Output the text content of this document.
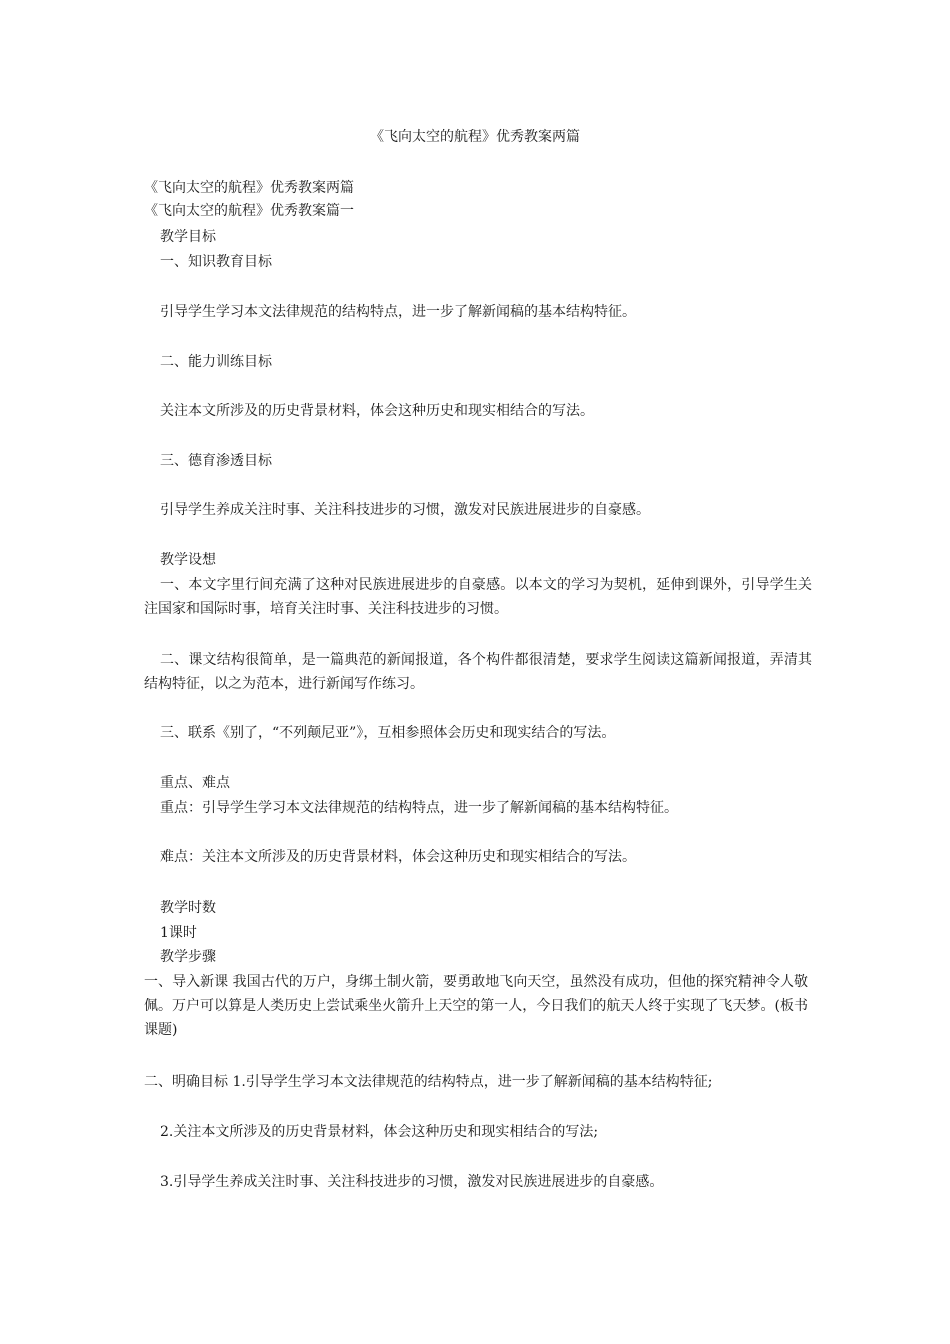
《飞向太空的航程》优秀教案两篇
《飞向太空的航程》优秀教案两篇
《飞向太空的航程》优秀教案篇一
教学目标
一、知识教育目标
引导学生学习本文法律规范的结构特点，进一步了解新闻稿的基本结构特征。
二、能力训练目标
关注本文所涉及的历史背景材料，体会这种历史和现实相结合的写法。
三、德育渗透目标
引导学生养成关注时事、关注科技进步的习惯，激发对民族进展进步的自豪感。
教学设想
一、本文字里行间充满了这种对民族进展进步的自豪感。以本文的学习为契机，延伸到课外，引导学生关注国家和国际时事，培育关注时事、关注科技进步的习惯。
二、课文结构很简单，是一篇典范的新闻报道，各个构件都很清楚，要求学生阅读这篇新闻报道，弄清其结构特征，以之为范本，进行新闻写作练习。
三、联系《别了，“不列颠尼亚”》，互相参照体会历史和现实结合的写法。
重点、难点
重点：引导学生学习本文法律规范的结构特点，进一步了解新闻稿的基本结构特征。
难点：关注本文所涉及的历史背景材料，体会这种历史和现实相结合的写法。
教学时数
1课时
教学步骤
一、导入新课 我国古代的万户，身绑土制火箭，要勇敢地飞向天空，虽然没有成功，但他的探究精神令人敬佩。万户可以算是人类历史上尝试乘坐火箭升上天空的第一人，今日我们的航天人终于实现了飞天梦。(板书课题)
二、明确目标 1.引导学生学习本文法律规范的结构特点，进一步了解新闻稿的基本结构特征;
2.关注本文所涉及的历史背景材料，体会这种历史和现实相结合的写法;
3.引导学生养成关注时事、关注科技进步的习惯，激发对民族进展进步的自豪感。
